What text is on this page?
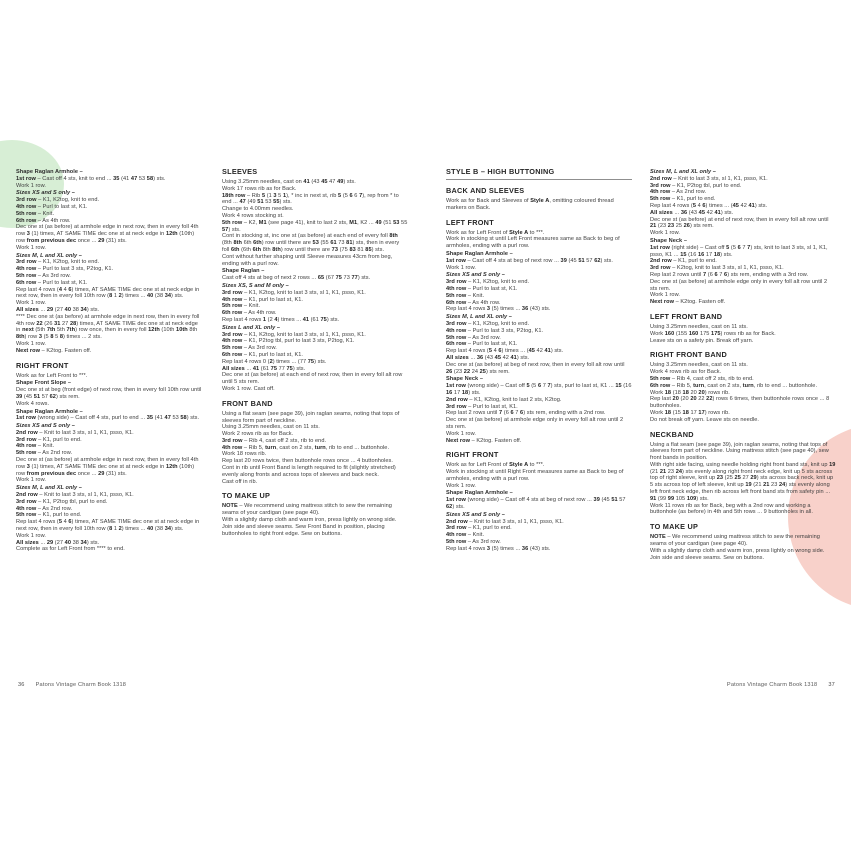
Shape Raglan Armhole –
1st row – Cast off 4 sts, knit to end ... 35 (41 47 53 58) sts.
Work 1 row.
Sizes XS and S only –
3rd row – K1, K2tog, knit to end.
4th row – Purl to last st, K1.
5th row – Knit.
6th row – As 4th row.
Dec one st (as before) at armhole edge in next row, then in every foll 4th row 3 (1) times, AT SAME TIME dec one st at neck edge in 12th (10th) row from previous dec once ... 29 (31) sts.
Work 1 row.
Sizes M, L and XL only –
3rd row – K1, K2tog, knit to end.
4th row – Purl to last 3 sts, P2tog, K1.
5th row – As 3rd row.
6th row – Purl to last st, K1.
Rep last 4 rows (4 4 6) times, AT SAME TIME dec one st at neck edge in next row, then in every foll 10th row (8 1 2) times ... 40 (38 34) sts.
Work 1 row.
All sizes ... 29 (27 40 38 34) sts.
**** Dec one st (as before) at armhole edge in next row, then in every foll 4th row 22 (26 31 27 28) times, AT SAME TIME dec one st at neck edge in next (5th 7th 5th 7th) row once, then in every foll 12th (10th 10th 8th 8th) row 3 (5 8 5 8) times ... 2 sts.
Work 1 row.
Next row – K2tog. Fasten off.
RIGHT FRONT
Work as for Left Front to ***.
Shape Front Slope –
Dec one st at beg (front edge) of next row, then in every foll 10th row until 39 (45 51 57 62) sts rem.
Work 4 rows.
Shape Raglan Armhole –
1st row (wrong side) – Cast off 4 sts, purl to end ... 35 (41 47 53 58) sts.
Sizes XS and S only –
2nd row – Knit to last 3 sts, sl 1, K1, psso, K1.
3rd row – K1, purl to end.
4th row – Knit.
5th row – As 2nd row.
Dec one st (as before) at armhole edge in next row, then in every foll 4th row 3 (1) times, AT SAME TIME dec one st at neck edge in 12th (10th) row from previous dec once ... 29 (31) sts.
Work 1 row.
Sizes M, L and XL only –
2nd row – Knit to last 3 sts, sl 1, K1, psso, K1.
3rd row – K1, P2tog tbl, purl to end.
4th row – As 2nd row.
5th row – K1, purl to end.
Rep last 4 rows (5 4 6) times, AT SAME TIME dec one st at neck edge in next row, then in every foll 10th row (8 1 2) times ... 40 (38 34) sts.
Work 1 row.
All sizes ... 29 (27 40 38 34) sts.
Complete as for Left Front from **** to end.
SLEEVES
Using 3.25mm needles, cast on 41 (43 45 47 49) sts.
Work 17 rows rib as for Back.
18th row – Rib 5 (1 3 5 1), * inc in next st, rib 5 (5 6 6 7), rep from * to end ... 47 (49 51 53 55) sts.
Change to 4.00mm needles.
Work 4 rows stocking st.
5th row – K2, M1 (see page 41), knit to last 2 sts, M1, K2 ... 49 (51 53 55 57) sts.
Cont in stocking st, inc one st (as before) at each end of every foll 8th (8th 8th 6th 6th) row until there are 53 (55 61 73 81) sts, then in every foll 6th (6th 6th 8th 8th) row until there are 73 (75 83 81 85) sts.
Cont without further shaping until Sleeve measures 43cm from beg, ending with a purl row.
Shape Raglan –
Cast off 4 sts at beg of next 2 rows ... 65 (67 75 73 77) sts.
Sizes XS, S and M only –
3rd row – K1, K2tog, knit to last 3 sts, sl 1, K1, psso, K1.
4th row – K1, purl to last st, K1.
5th row – Knit.
6th row – As 4th row.
Rep last 4 rows 1 (2 4) times ... 41 (61 75) sts.
Sizes L and XL only –
3rd row – K1, K2tog, knit to last 3 sts, sl 1, K1, psso, K1.
4th row – K1, P2tog tbl, purl to last 3 sts, P2tog, K1.
5th row – As 3rd row.
6th row – K1, purl to last st, K1.
Rep last 4 rows 0 (2) times ... (77 75) sts.
All sizes ... 41 (61 75 77 75) sts.
Dec one st (as before) at each end of next row, then in every foll alt row until 5 sts rem.
Work 1 row. Cast off.
FRONT BAND
Using a flat seam (see page 39), join raglan seams, noting that tops of sleeves form part of neckline.
Using 3.25mm needles, cast on 11 sts.
Work 2 rows rib as for Back.
3rd row – Rib 4, cast off 2 sts, rib to end.
4th row – Rib 5, turn, cast on 2 sts, turn, rib to end ... buttonhole.
Work 18 rows rib.
Rep last 20 rows twice, then buttonhole rows once ... 4 buttonholes.
Cont in rib until Front Band is length required to fit (slightly stretched) evenly along fronts and across tops of sleeves and back neck.
Cast off in rib.
TO MAKE UP
NOTE – We recommend using mattress stitch to sew the remaining seams of your cardigan (see page 40).
With a slightly damp cloth and warm iron, press lightly on wrong side. Join side and sleeve seams. Sew Front Band in position, placing buttonholes to right front edge. Sew on buttons.
STYLE B – HIGH BUTTONING
BACK AND SLEEVES
Work as for Back and Sleeves of Style A, omitting coloured thread markers on Back.
LEFT FRONT
Work as for Left Front of Style A to ***.
Work in stocking st until Left Front measures same as Back to beg of armholes, ending with a purl row.
Shape Raglan Armhole –
1st row – Cast off 4 sts at beg of next row ... 39 (45 51 57 62) sts.
Work 1 row.
Sizes XS and S only –
3rd row – K1, K2tog, knit to end.
4th row – Purl to last st, K1.
5th row – Knit.
6th row – As 4th row.
Rep last 4 rows 3 (5) times ... 36 (43) sts.
Sizes M, L and XL only –
3rd row – K1, K2tog, knit to end.
4th row – Purl to last 3 sts, P2tog, K1.
5th row – As 3rd row.
6th row – Purl to last st, K1.
Rep last 4 rows (5 4 6) times ... (45 42 41) sts.
All sizes ... 36 (43 45 42 41) sts.
Dec one st (as before) at beg of next row, then in every foll alt row until 26 (23 22 24 25) sts rem.
Shape Neck –
1st row (wrong side) – Cast off 5 (5 6 7 7) sts, purl to last st, K1 ... 15 (16 16 17 18) sts.
2nd row – K1, K2tog, knit to last 2 sts, K2tog.
3rd row – Purl to last st, K1.
Rep last 2 rows until 7 (6 6 7 6) sts rem, ending with a 2nd row.
Dec one st (as before) at armhole edge only in every foll alt row until 2 sts rem.
Work 1 row.
Next row – K2tog. Fasten off.
RIGHT FRONT
Work as for Left Front of Style A to ***.
Work in stocking st until Right Front measures same as Back to beg of armholes, ending with a purl row.
Work 1 row.
Shape Raglan Armhole –
1st row (wrong side) – Cast off 4 sts at beg of next row ... 39 (45 51 57 62) sts.
Sizes XS and S only –
2nd row – Knit to last 3 sts, sl 1, K1, psso, K1.
3rd row – K1, purl to end.
4th row – Knit.
5th row – As 3rd row.
Rep last 4 rows 3 (5) times ... 36 (43) sts.
Sizes M, L and XL only –
2nd row – Knit to last 3 sts, sl 1, K1, psso, K1.
3rd row – K1, P2tog tbl, purl to end.
4th row – As 2nd row.
5th row – K1, purl to end.
Rep last 4 rows (5 4 6) times ... (45 42 41) sts.
All sizes ... 36 (43 45 42 41) sts.
Dec one st (as before) at end of next row, then in every foll alt row until 21 (23 23 25 26) sts rem.
Work 1 row.
Shape Neck –
1st row (right side) – Cast off 5 (5 6 7 7) sts, knit to last 3 sts, sl 1, K1, psso, K1 ... 15 (16 16 17 18) sts.
2nd row – K1, purl to end.
3rd row – K2tog, knit to last 3 sts, sl 1, K1, psso, K1.
Rep last 2 rows until 7 (6 6 7 6) sts rem, ending with a 3rd row.
Dec one st (as before) at armhole edge only in every foll alt row until 2 sts rem.
Work 1 row.
Next row – K2tog. Fasten off.
LEFT FRONT BAND
Using 3.25mm needles, cast on 11 sts.
Work 160 (155 160 175 175) rows rib as for Back.
Leave sts on a safety pin. Break off yarn.
RIGHT FRONT BAND
Using 3.25mm needles, cast on 11 sts.
Work 4 rows rib as for Back.
5th row – Rib 4, cast off 2 sts, rib to end.
6th row – Rib 5, turn, cast on 2 sts, turn, rib to end ... buttonhole.
Work 18 (18 18 20 20) rows rib.
Rep last 20 (20 20 22 22) rows 6 times, then buttonhole rows once ... 8 buttonholes.
Work 18 (15 18 17 17) rows rib.
Do not break off yarn. Leave sts on needle.
NECKBAND
Using a flat seam (see page 39), join raglan seams, noting that tops of sleeves form part of neckline. Using mattress stitch (see page 40), sew front bands in position.
With right side facing, using needle holding right front band sts, knit up 19 (21 21 23 24) sts evenly along right front neck edge, knit up 5 sts across top of right sleeve, knit up 23 (25 25 27 29) sts across back neck, knit up 5 sts across top of left sleeve, knit up 19 (21 21 23 24) sts evenly along left front neck edge, then rib across left front band sts from safety pin ... 91 (99 99 105 109) sts.
Work 11 rows rib as for Back, beg with a 2nd row and working a buttonhole (as before) in 4th and 5th rows ... 9 buttonholes in all.
TO MAKE UP
NOTE – We recommend using mattress stitch to sew the remaining seams of your cardigan (see page 40).
With a slightly damp cloth and warm iron, press lightly on wrong side. Join side and sleeve seams. Sew on buttons.
36 Patons Vintage Charm Book 1318	Patons Vintage Charm Book 1318 37
